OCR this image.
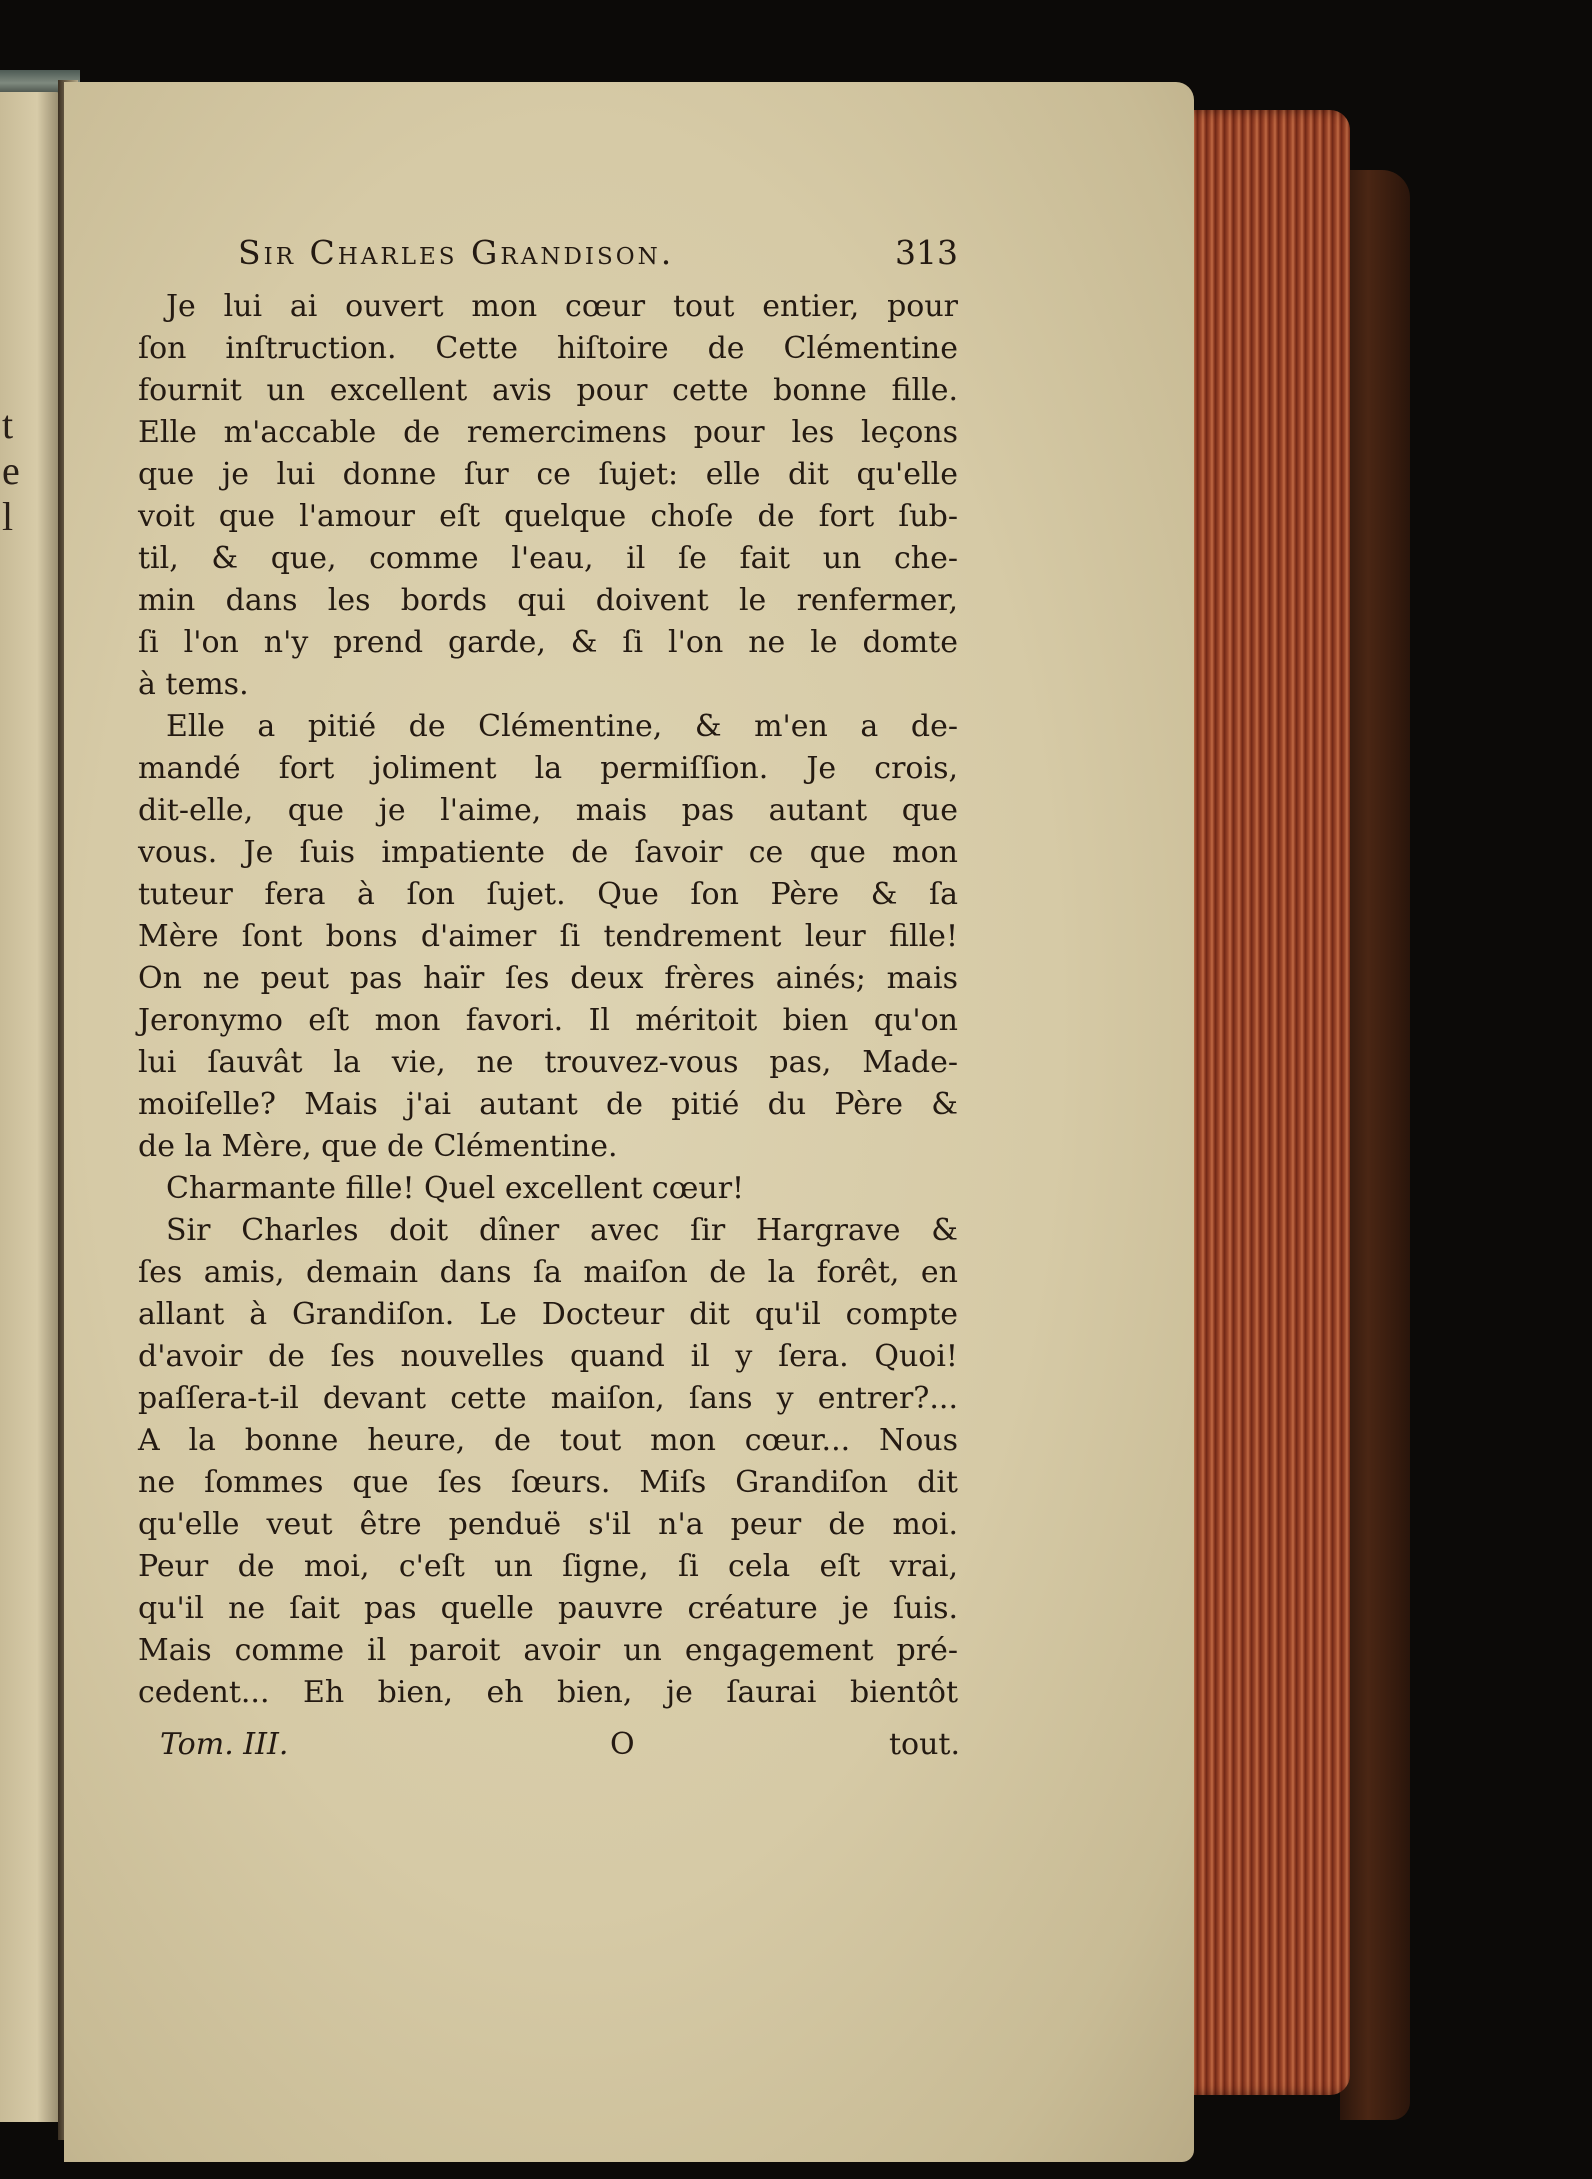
t
e
l
Sir Charles Grandison.	313
Je lui ai ouvert mon cœur tout entier, pour
ſon inſtruction. Cette hiſtoire de Clémentine
fournit un excellent avis pour cette bonne fille.
Elle m'accable de remercimens pour les leçons
que je lui donne ſur ce ſujet: elle dit qu'elle
voit que l'amour eſt quelque choſe de fort ſub-
til, & que, comme l'eau, il ſe fait un che-
min dans les bords qui doivent le renfermer,
ſi l'on n'y prend garde, & ſi l'on ne le domte
à tems.
Elle a pitié de Clémentine, & m'en a de-
mandé fort joliment la permiſſion. Je crois,
dit-elle, que je l'aime, mais pas autant que
vous. Je ſuis impatiente de ſavoir ce que mon
tuteur fera à ſon ſujet. Que ſon Père & ſa
Mère ſont bons d'aimer ſi tendrement leur fille!
On ne peut pas haïr ſes deux frères ainés; mais
Jeronymo eſt mon favori. Il méritoit bien qu'on
lui ſauvât la vie, ne trouvez-vous pas, Made-
moiſelle? Mais j'ai autant de pitié du Père &
de la Mère, que de Clémentine.
Charmante fille! Quel excellent cœur!
Sir Charles doit dîner avec ſir Hargrave &
ſes amis, demain dans ſa maiſon de la forêt, en
allant à Grandiſon. Le Docteur dit qu'il compte
d'avoir de ſes nouvelles quand il y ſera. Quoi!
paſſera-t-il devant cette maiſon, ſans y entrer?...
A la bonne heure, de tout mon cœur... Nous
ne ſommes que ſes ſœurs. Miſs Grandiſon dit
qu'elle veut être penduë s'il n'a peur de moi.
Peur de moi, c'eſt un ſigne, ſi cela eſt vrai,
qu'il ne ſait pas quelle pauvre créature je ſuis.
Mais comme il paroit avoir un engagement pré-
cedent... Eh bien, eh bien, je ſaurai bientôt
Tom. III.	O	tout.
